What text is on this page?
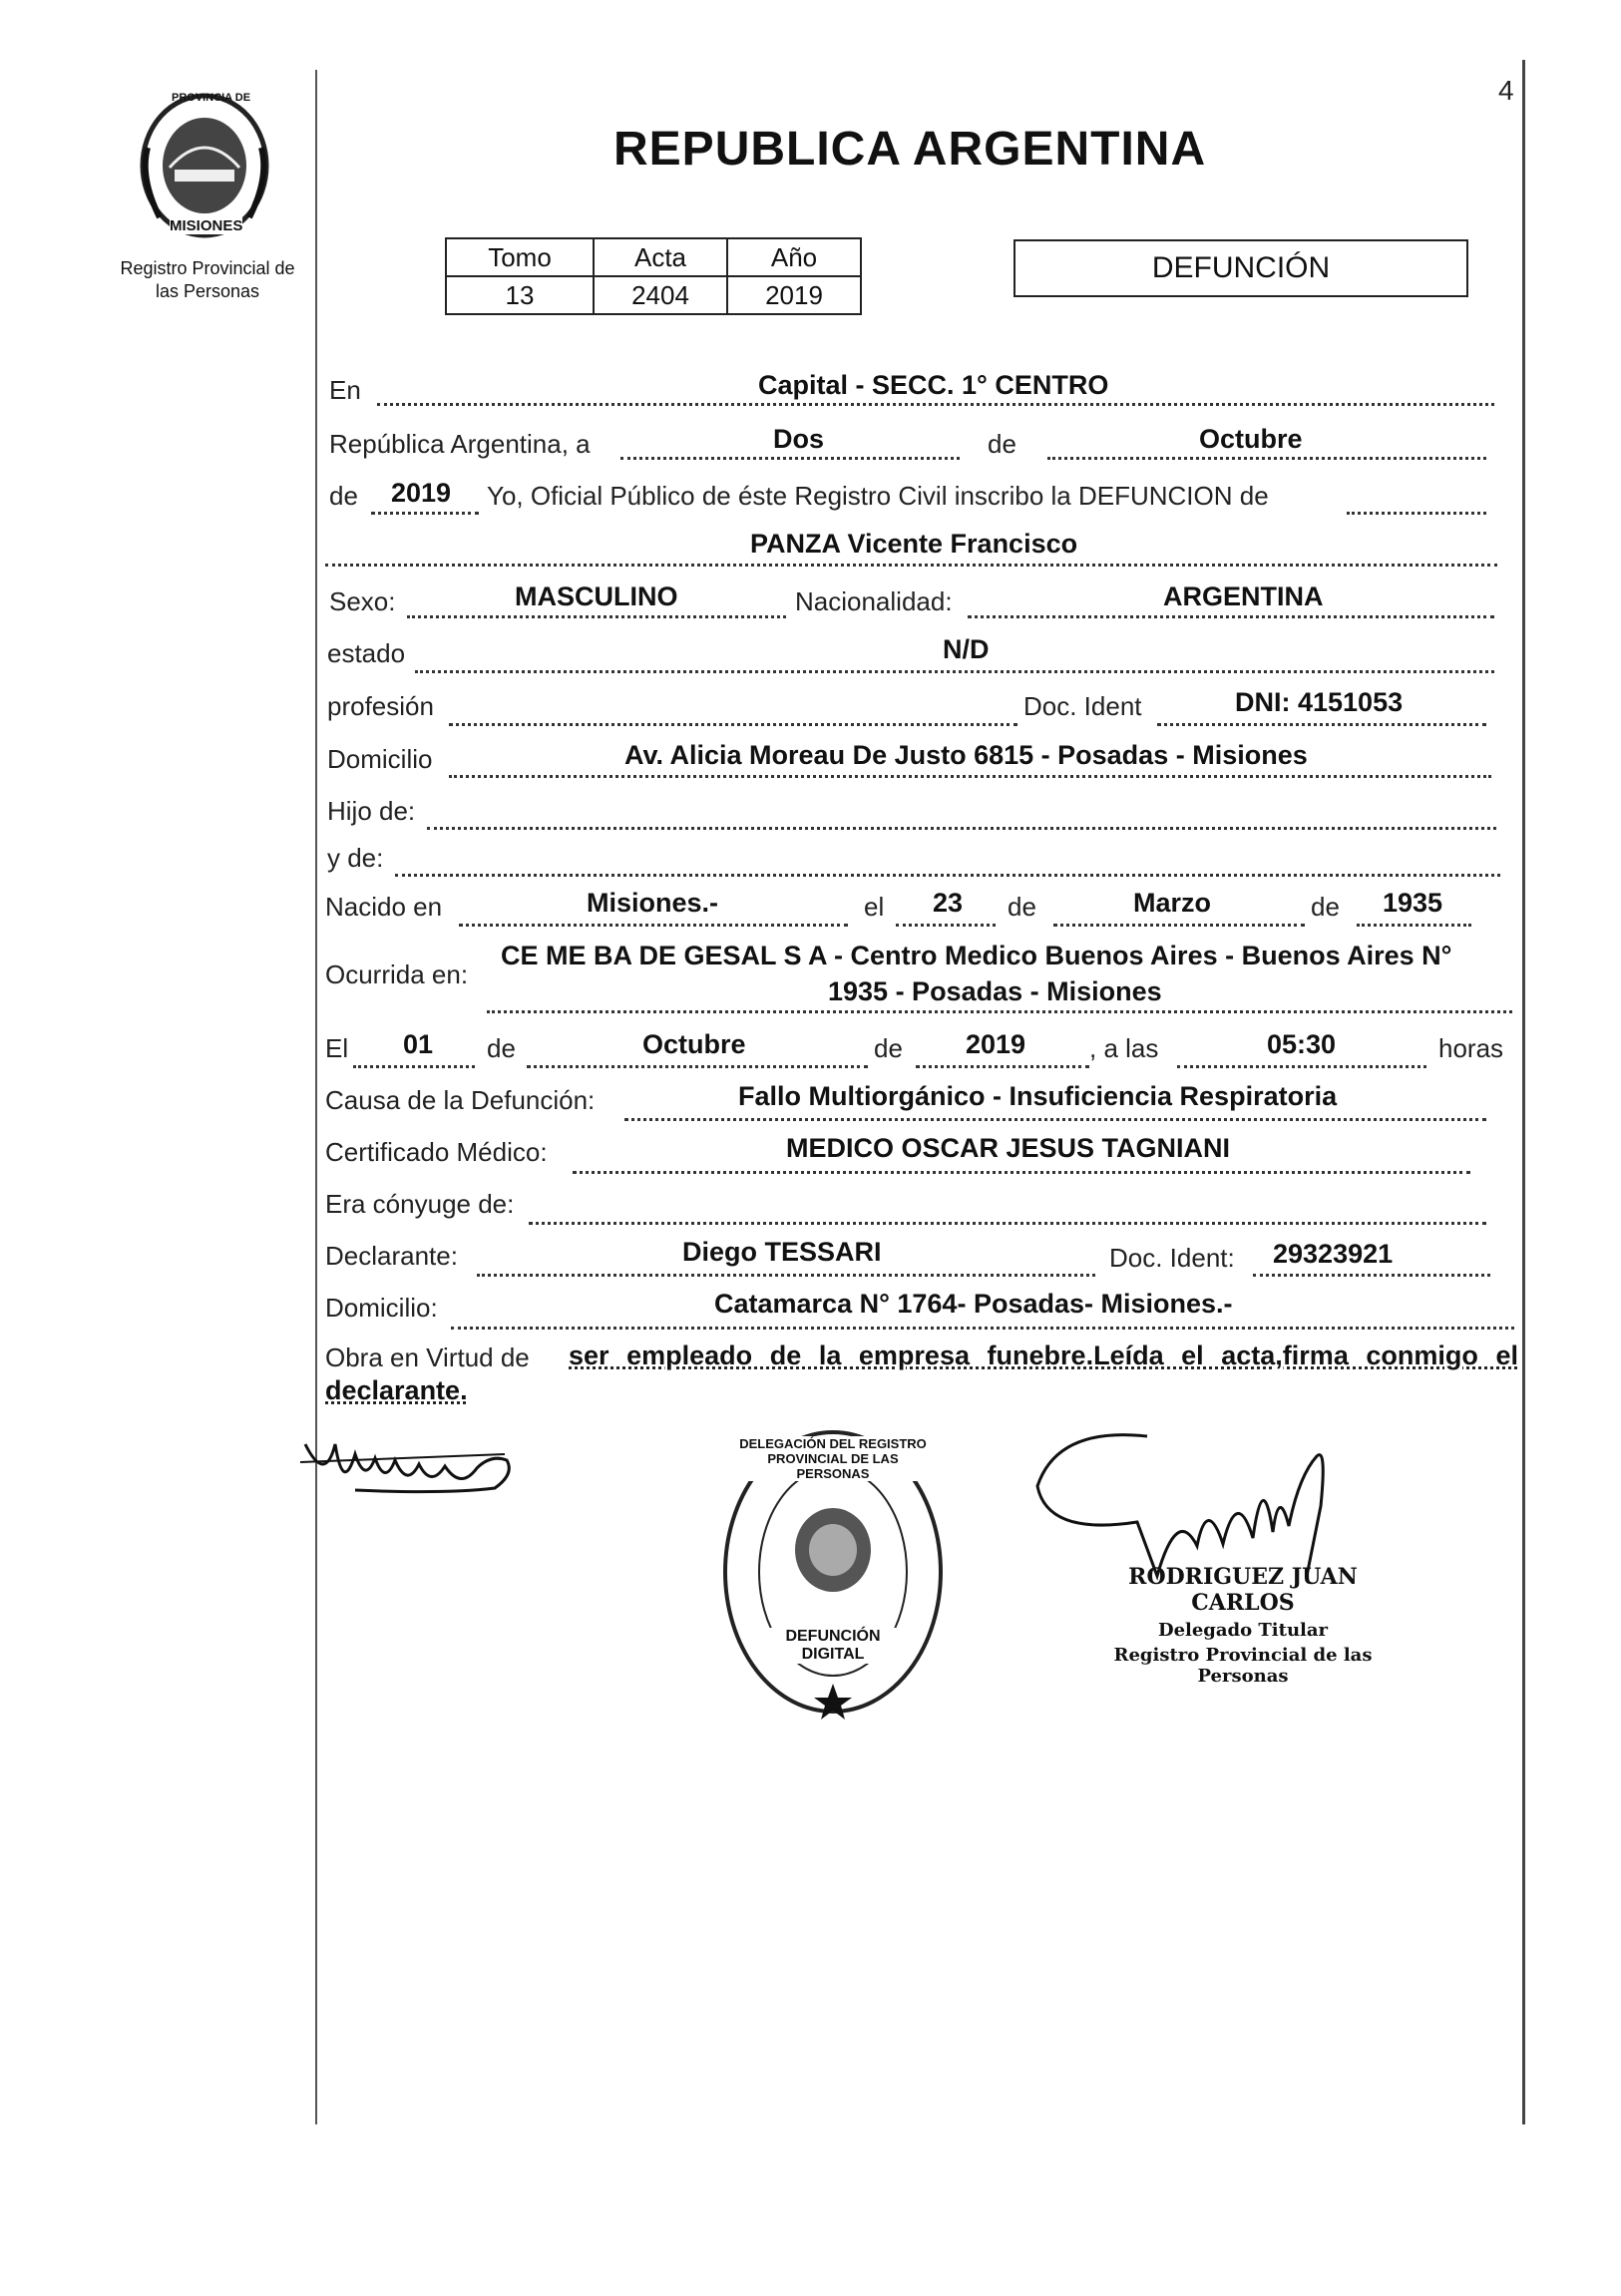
4
PROVINCIA DE
MISIONES
Registro Provincial de
las Personas
REPUBLICA ARGENTINA
Tomo	Acta	Año
13	2404	2019
DEFUNCIÓN
En	Capital - SECC. 1° CENTRO
República Argentina, a	Dos	de	Octubre
de 2019 Yo, Oficial Público de éste Registro Civil inscribo la DEFUNCION de
PANZA Vicente Francisco
Sexo:	MASCULINO	Nacionalidad:	ARGENTINA
estado	N/D
profesión	Doc. Ident	DNI: 4151053
Domicilio	Av. Alicia Moreau De Justo 6815 - Posadas - Misiones
Hijo de:
y de:
Nacido en	Misiones.-	el 23 de	Marzo	de 1935
Ocurrida en:
CE ME BA DE GESAL S A - Centro Medico Buenos Aires - Buenos Aires N°
1935 - Posadas - Misiones
El 01 de	Octubre	de 2019 , a las	05:30	horas
Causa de la Defunción:	Fallo Multiorgánico - Insuficiencia Respiratoria
Certificado Médico:	MEDICO OSCAR JESUS TAGNIANI
Era cónyuge de:
Declarante:	Diego TESSARI	Doc. Ident: 29323921
Domicilio:	Catamarca N° 1764- Posadas- Misiones.-
Obra en Virtud de	ser empleado de la empresa funebre.Leída el acta,firma conmigo el declarante.
DELEGACIÓN DEL REGISTRO PROVINCIAL DE LAS PERSONAS
DEFUNCIÓN DIGITAL
RODRIGUEZ JUAN CARLOS
Delegado Titular
Registro Provincial de las Personas
